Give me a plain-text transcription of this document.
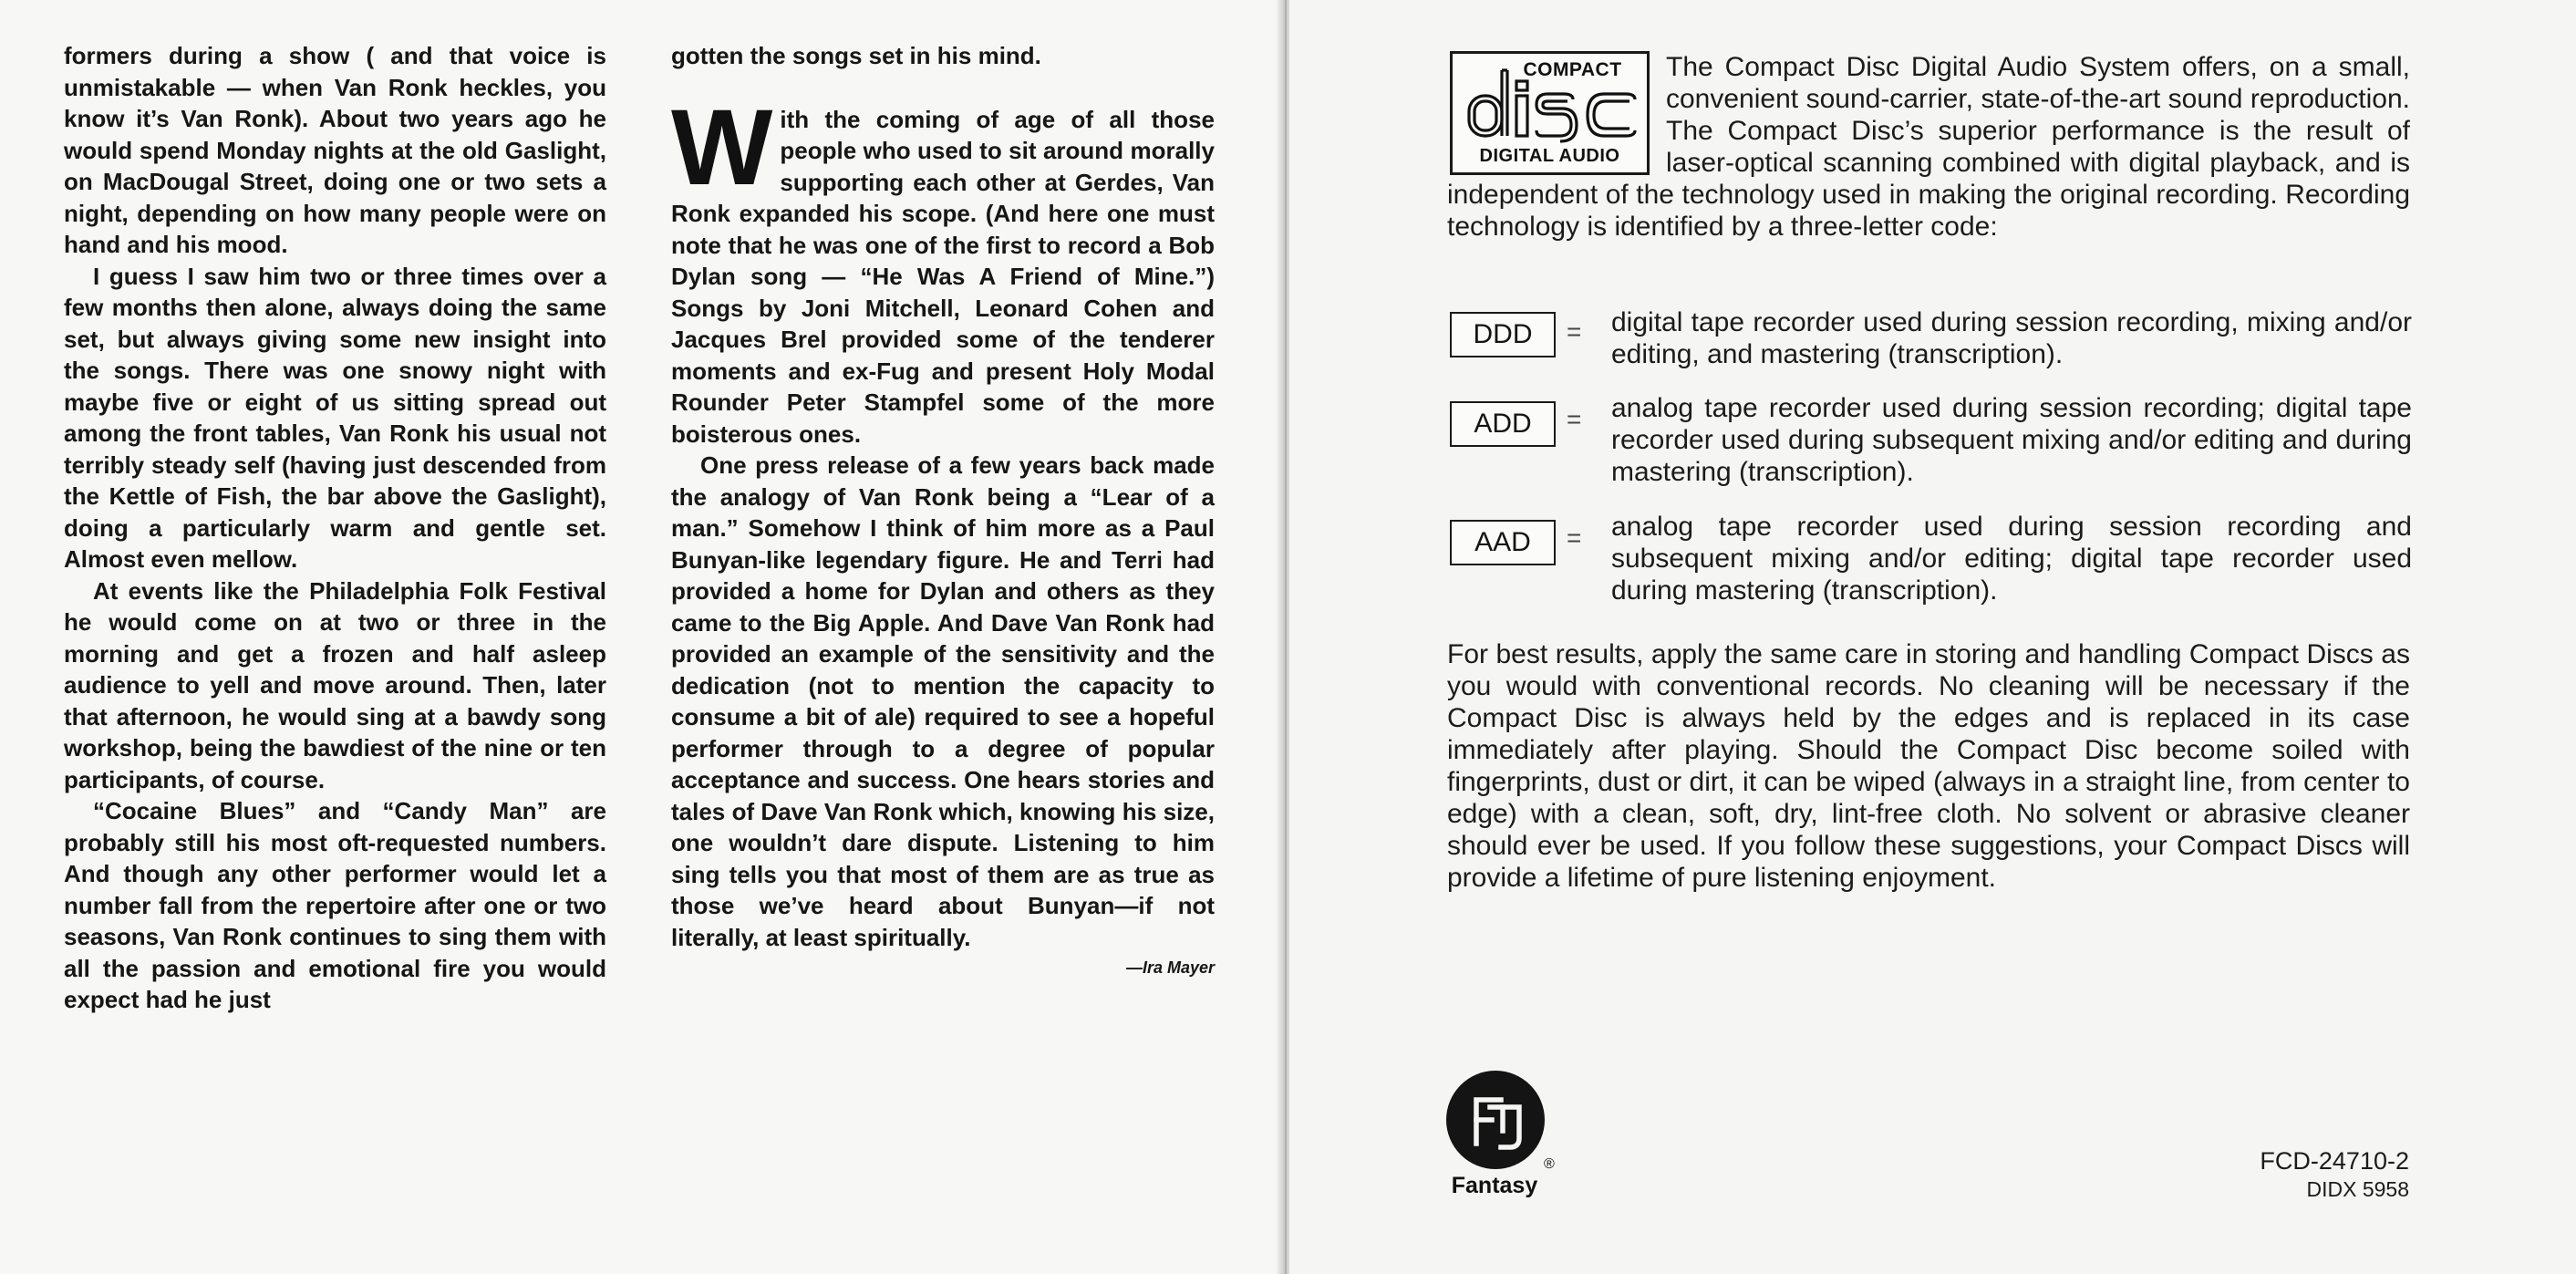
formers during a show ( and that voice is unmistakable — when Van Ronk heckles, you know it’s Van Ronk). About two years ago he would spend Monday nights at the old Gaslight, on MacDougal Street, doing one or two sets a night, depending on how many people were on hand and his mood.

I guess I saw him two or three times over a few months then alone, always doing the same set, but always giving some new insight into the songs. There was one snowy night with maybe five or eight of us sitting spread out among the front tables, Van Ronk his usual not terribly steady self (having just descended from the Kettle of Fish, the bar above the Gaslight), doing a particularly warm and gentle set. Almost even mellow.

At events like the Philadelphia Folk Festival he would come on at two or three in the morning and get a frozen and half asleep audience to yell and move around. Then, later that afternoon, he would sing at a bawdy song workshop, being the bawdiest of the nine or ten participants, of course.

“Cocaine Blues” and “Candy Man” are probably still his most oft-requested numbers. And though any other performer would let a number fall from the repertoire after one or two seasons, Van Ronk continues to sing them with all the passion and emotional fire you would expect had he just

gotten the songs set in his mind.

With the coming of age of all those people who used to sit around morally supporting each other at Gerdes, Van Ronk expanded his scope. (And here one must note that he was one of the first to record a Bob Dylan song — “He Was A Friend of Mine.”) Songs by Joni Mitchell, Leonard Cohen and Jacques Brel provided some of the tenderer moments and ex-Fug and present Holy Modal Rounder Peter Stampfel some of the more boisterous ones.

One press release of a few years back made the analogy of Van Ronk being a “Lear of a man.” Somehow I think of him more as a Paul Bunyan-like legendary figure. He and Terri had provided a home for Dylan and others as they came to the Big Apple. And Dave Van Ronk had provided an example of the sensitivity and the dedication (not to mention the capacity to consume a bit of ale) required to see a hopeful performer through to a degree of popular acceptance and success. One hears stories and tales of Dave Van Ronk which, knowing his size, one wouldn’t dare dispute. Listening to him sing tells you that most of them are as true as those we’ve heard about Bunyan—if not literally, at least spiritually.

—Ira Mayer
The Compact Disc Digital Audio System offers, on a small, convenient sound-carrier, state-of-the-art sound reproduction. The Compact Disc’s superior performance is the result of laser-optical scanning combined with digital playback, and is independent of the technology used in making the original recording. Recording technology is identified by a three-letter code:
COMPACT
DIGITAL AUDIO
DDD	= digital tape recorder used during session recording, mixing and/or editing, and mastering (transcription).
ADD	= analog tape recorder used during session recording; digital tape recorder used during subsequent mixing and/or editing and during mastering (transcription).
AAD	= analog tape recorder used during session recording and subsequent mixing and/or editing; digital tape recorder used during mastering (transcription).
For best results, apply the same care in storing and handling Compact Discs as you would with conventional records. No cleaning will be necessary if the Compact Disc is always held by the edges and is replaced in its case immediately after playing. Should the Compact Disc become soiled with fingerprints, dust or dirt, it can be wiped (always in a straight line, from center to edge) with a clean, soft, dry, lint-free cloth. No solvent or abrasive cleaner should ever be used. If you follow these suggestions, your Compact Discs will provide a lifetime of pure listening enjoyment.
®
Fantasy
FCD-24710-2
DIDX 5958
